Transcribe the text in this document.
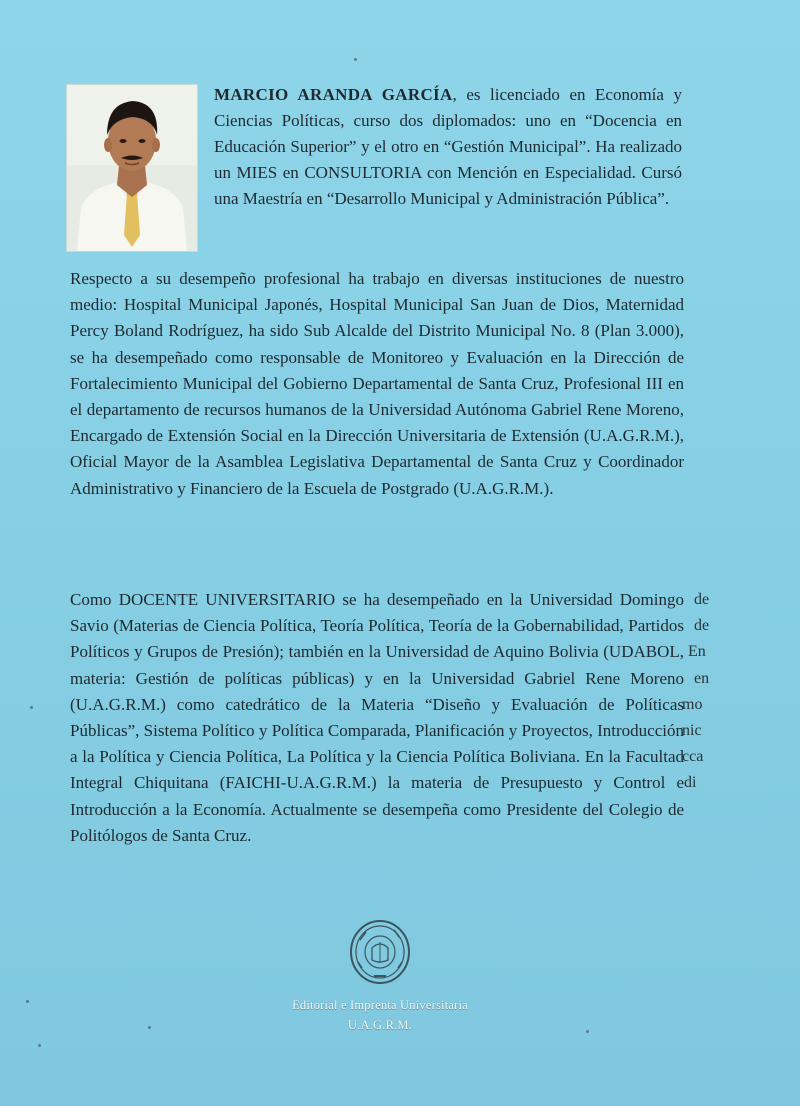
MARCIO ARANDA GARCÍA, es licenciado en Economía y Ciencias Políticas, curso dos diplomados: uno en “Docencia en Educación Superior” y el otro en “Gestión Municipal”. Ha realizado un MIES en CONSULTORIA con Mención en Especialidad. Cursó una Maestría en “Desarrollo Municipal y Administración Pública”.

Respecto a su desempeño profesional ha trabajo en diversas instituciones de nuestro medio: Hospital Municipal Japonés, Hospital Municipal San Juan de Dios, Maternidad Percy Boland Rodríguez, ha sido Sub Alcalde del Distrito Municipal No. 8 (Plan 3.000), se ha desempeñado como responsable de Monitoreo y Evaluación en la Dirección de Fortalecimiento Municipal del Gobierno Departamental de Santa Cruz, Profesional III en el departamento de recursos humanos de la Universidad Autónoma Gabriel Rene Moreno, Encargado de Extensión Social en la Dirección Universitaria de Extensión (U.A.G.R.M.), Oficial Mayor de la Asamblea Legislativa Departamental de Santa Cruz y Coordinador Administrativo y Financiero de la Escuela de Postgrado (U.A.G.R.M.).

Como DOCENTE UNIVERSITARIO se ha desempeñado en la Universidad Domingo Savio (Materias de Ciencia Política, Teoría Política, Teoría de la Gobernabilidad, Partidos Políticos y Grupos de Presión); también en la Universidad de Aquino Bolivia (UDABOL, materia: Gestión de políticas públicas) y en la Universidad Gabriel Rene Moreno (U.A.G.R.M.) como catedrático de la Materia “Diseño y Evaluación de Políticas Públicas”, Sistema Político y Política Comparada, Planificación y Proyectos, Introducción a la Política y Ciencia Política, La Política y la Ciencia Política Boliviana. En la Facultad Integral Chiquitana (FAICHI-U.A.G.R.M.) la materia de Presupuesto y Control e Introducción a la Economía. Actualmente se desempeña como Presidente del Colegio de Politólogos de Santa Cruz.

de
de
En
en
mo
nic
cca
di
Editorial e Imprenta Universitaria
U.A.G.R.M.
